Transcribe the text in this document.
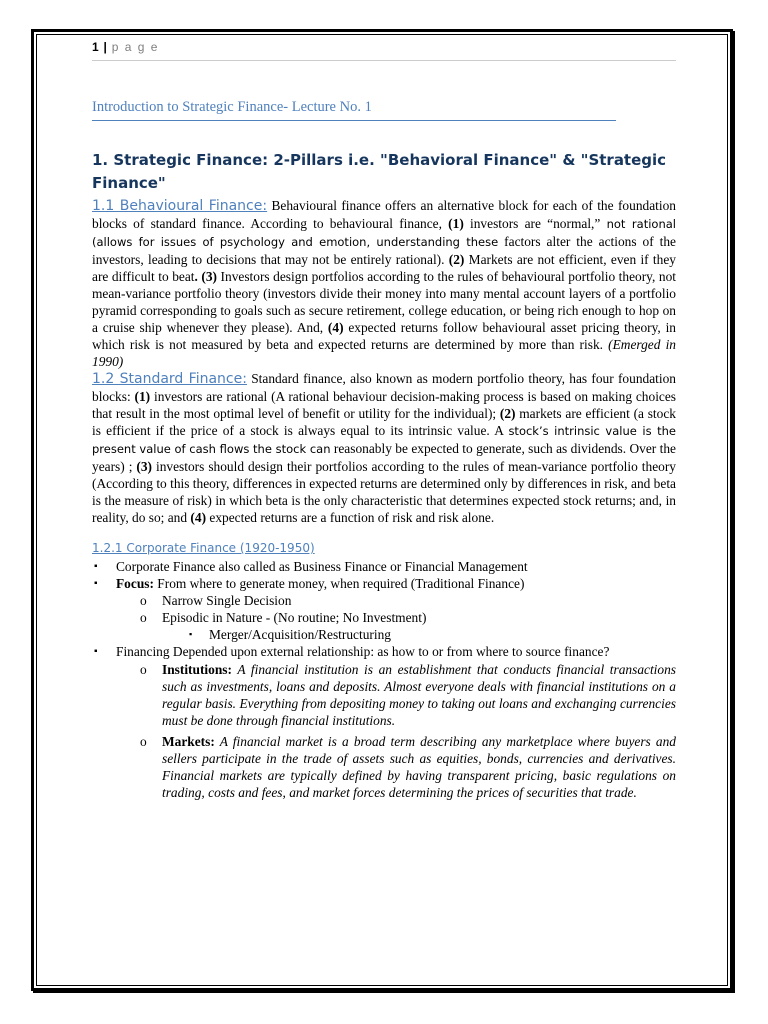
1 | p a g e
Introduction to Strategic Finance- Lecture No. 1
1. Strategic Finance: 2-Pillars i.e. "Behavioral Finance" & "Strategic Finance"

1.1 Behavioural Finance: Behavioural finance offers an alternative block for each of the foundation blocks of standard finance. According to behavioural finance, (1) investors are “normal,” not rational (allows for issues of psychology and emotion, understanding these factors alter the actions of the investors, leading to decisions that may not be entirely rational). (2) Markets are not efficient, even if they are difficult to beat. (3) Investors design portfolios according to the rules of behavioural portfolio theory, not mean-variance portfolio theory (investors divide their money into many mental account layers of a portfolio pyramid corresponding to goals such as secure retirement, college education, or being rich enough to hop on a cruise ship whenever they please). And, (4) expected returns follow behavioural asset pricing theory, in which risk is not measured by beta and expected returns are determined by more than risk. (Emerged in 1990)

1.2 Standard Finance: Standard finance, also known as modern portfolio theory, has four foundation blocks: (1) investors are rational (A rational behaviour decision-making process is based on making choices that result in the most optimal level of benefit or utility for the individual); (2) markets are efficient (a stock is efficient if the price of a stock is always equal to its intrinsic value. A stock’s intrinsic value is the present value of cash flows the stock can reasonably be expected to generate, such as dividends. Over the years) ; (3) investors should design their portfolios according to the rules of mean-variance portfolio theory (According to this theory, differences in expected returns are determined only by differences in risk, and beta is the measure of risk) in which beta is the only characteristic that determines expected stock returns; and, in reality, do so; and (4) expected returns are a function of risk and risk alone.

1.2.1 Corporate Finance (1920-1950)
▪ Corporate Finance also called as Business Finance or Financial Management
▪ Focus: From where to generate money, when required (Traditional Finance)
o Narrow Single Decision
o Episodic in Nature - (No routine; No Investment)
▪ Merger/Acquisition/Restructuring
▪ Financing Depended upon external relationship: as how to or from where to source finance?
o Institutions: A financial institution is an establishment that conducts financial transactions such as investments, loans and deposits. Almost everyone deals with financial institutions on a regular basis. Everything from depositing money to taking out loans and exchanging currencies must be done through financial institutions.
o Markets: A financial market is a broad term describing any marketplace where buyers and sellers participate in the trade of assets such as equities, bonds, currencies and derivatives. Financial markets are typically defined by having transparent pricing, basic regulations on trading, costs and fees, and market forces determining the prices of securities that trade.
